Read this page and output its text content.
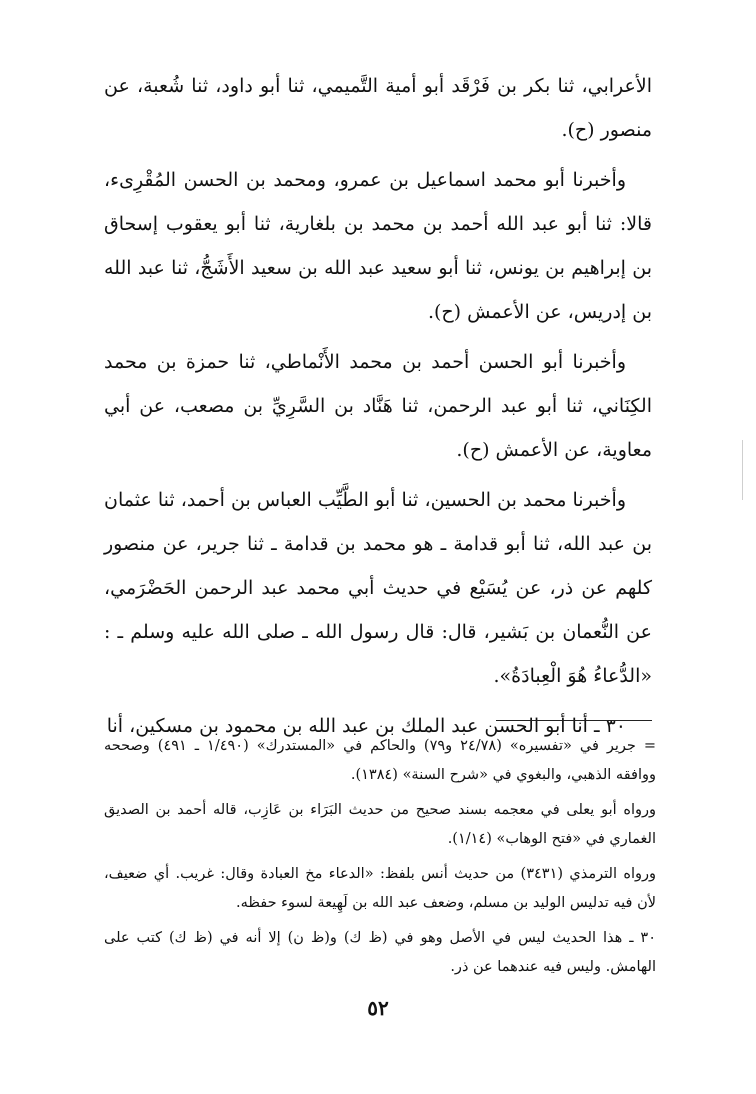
الأعرابي، ثنا بكر بن فَرْقَد أبو أمية التَّميمي، ثنا أبو داود، ثنا شُعبة، عن منصور (ح).

وأخبرنا أبو محمد اسماعيل بن عمرو، ومحمد بن الحسن المُقْرِىء، قالا: ثنا أبو عبد الله أحمد بن محمد بن بلغارية، ثنا أبو يعقوب إسحاق بن إبراهيم بن يونس، ثنا أبو سعيد عبد الله بن سعيد الأَشَجُّ، ثنا عبد الله بن إدريس، عن الأعمش (ح).

وأخبرنا أبو الحسن أحمد بن محمد الأَنْماطي، ثنا حمزة بن محمد الكِنَاني، ثنا أبو عبد الرحمن، ثنا هَنَّاد بن السَّرِيِّ بن مصعب، عن أبي معاوية، عن الأعمش (ح).

وأخبرنا محمد بن الحسين، ثنا أبو الطَّيِّب العباس بن أحمد، ثنا عثمان بن عبد الله، ثنا أبو قدامة ـ هو محمد بن قدامة ـ ثنا جرير، عن منصور كلهم عن ذر، عن يُسَيْع في حديث أبي محمد عبد الرحمن الحَضْرَمي، عن النُّعمان بن بَشير، قال: قال رسول الله ـ صلى الله عليه وسلم ـ : «الدُّعاءُ هُوَ الْعِبادَةُ».

٣٠ ـ أنا أبو الحسن عبد الملك بن عبد الله بن محمود بن مسكين، أنا

= جرير في «تفسيره» (٢٤/٧٨ و٧٩) والحاكم في «المستدرك» (١/٤٩٠ ـ ٤٩١) وصححه ووافقه الذهبي، والبغوي في «شرح السنة» (١٣٨٤).

ورواه أبو يعلى في معجمه بسند صحيح من حديث البَرَاء بن عَازِب، قاله أحمد بن الصديق الغماري في «فتح الوهاب» (١/١٤).

ورواه الترمذي (٣٤٣١) من حديث أنس بلفظ: «الدعاء مخ العبادة وقال: غريب. أي ضعيف، لأن فيه تدليس الوليد بن مسلم، وضعف عبد الله بن لَهِيعة لسوء حفظه.

٣٠ ـ هذا الحديث ليس في الأصل وهو في (ظ ك) و(ظ ن) إلا أنه في (ظ ك) كتب على الهامش. وليس فيه عندهما عن ذر.

٥٢
